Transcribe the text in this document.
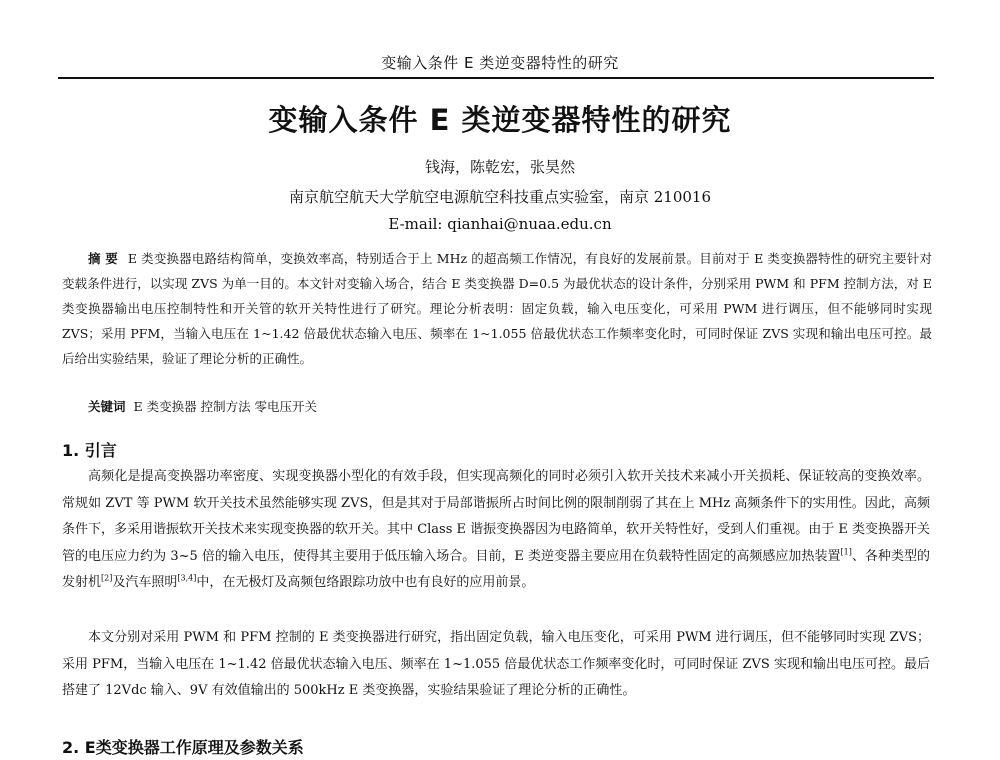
变输入条件 E 类逆变器特性的研究
变输入条件 E 类逆变器特性的研究
钱海，陈乾宏，张昊然
南京航空航天大学航空电源航空科技重点实验室，南京 210016
E-mail: qianhai@nuaa.edu.cn
摘 要 E 类变换器电路结构简单，变换效率高，特别适合于上 MHz 的超高频工作情况，有良好的发展前景。目前对于 E 类变换器特性的研究主要针对变载条件进行，以实现 ZVS 为单一目的。本文针对变输入场合，结合 E 类变换器 D=0.5 为最优状态的设计条件，分别采用 PWM 和 PFM 控制方法，对 E 类变换器输出电压控制特性和开关管的软开关特性进行了研究。理论分析表明：固定负载，输入电压变化，可采用 PWM 进行调压，但不能够同时实现 ZVS；采用 PFM，当输入电压在 1~1.42 倍最优状态输入电压、频率在 1~1.055 倍最优状态工作频率变化时，可同时保证 ZVS 实现和输出电压可控。最后给出实验结果，验证了理论分析的正确性。
关键词 E 类变换器 控制方法 零电压开关
1. 引言
高频化是提高变换器功率密度、实现变换器小型化的有效手段，但实现高频化的同时必须引入软开关技术来减小开关损耗、保证较高的变换效率。常规如 ZVT 等 PWM 软开关技术虽然能够实现 ZVS，但是其对于局部谐振所占时间比例的限制削弱了其在上 MHz 高频条件下的实用性。因此，高频条件下，多采用谐振软开关技术来实现变换器的软开关。其中 Class E 谐振变换器因为电路简单，软开关特性好，受到人们重视。由于 E 类变换器开关管的电压应力约为 3~5 倍的输入电压，使得其主要用于低压输入场合。目前，E 类逆变器主要应用在负载特性固定的高频感应加热装置[1]、各种类型的发射机[2]及汽车照明[3,4]中，在无极灯及高频包络跟踪功放中也有良好的应用前景。
本文分别对采用 PWM 和 PFM 控制的 E 类变换器进行研究，指出固定负载，输入电压变化，可采用 PWM 进行调压，但不能够同时实现 ZVS；采用 PFM，当输入电压在 1~1.42 倍最优状态输入电压、频率在 1~1.055 倍最优状态工作频率变化时，可同时保证 ZVS 实现和输出电压可控。最后搭建了 12Vdc 输入、9V 有效值输出的 500kHz E 类变换器，实验结果验证了理论分析的正确性。
2. E类变换器工作原理及参数关系
